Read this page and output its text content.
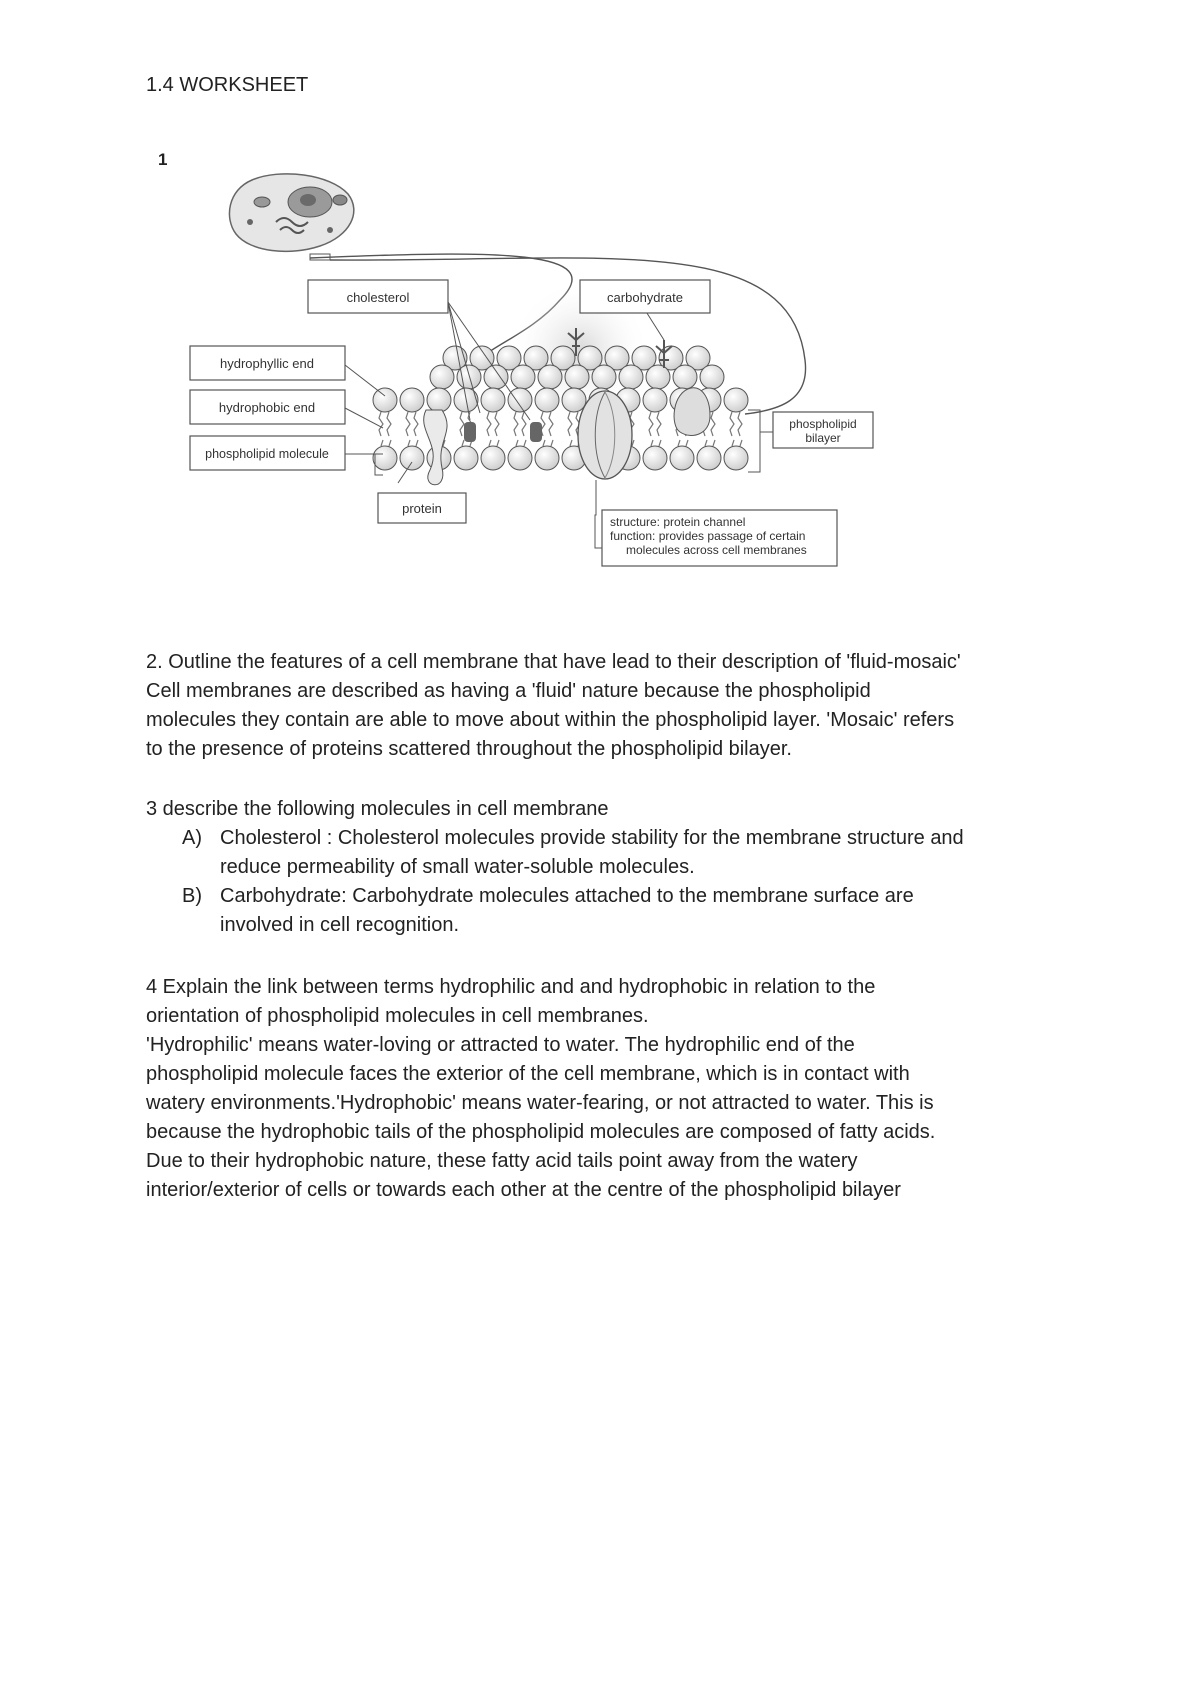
1.4 WORKSHEET
1
cholesterol	carbohydrate
hydrophyllic end
hydrophobic end
phospholipid molecule
phospholipid
bilayer
protein
structure: protein channel
function: provides passage of certain
molecules across cell membranes

2. Outline the features of a cell membrane that have lead to their description of 'fluid-mosaic'

Cell membranes are described as having a 'fluid' nature because the phospholipid

molecules they contain are able to move about within the phospholipid layer. 'Mosaic' refers

to the presence of proteins scattered throughout the phospholipid bilayer.

3 describe the following molecules in cell membrane

A) Cholesterol : Cholesterol molecules provide stability for the membrane structure and

reduce permeability of small water-soluble molecules.

B) Carbohydrate: Carbohydrate molecules attached to the membrane surface are

involved in cell recognition.

4 Explain the link between terms hydrophilic and and hydrophobic in relation to the

orientation of phospholipid molecules in cell membranes.

'Hydrophilic' means water-loving or attracted to water. The hydrophilic end of the

phospholipid molecule faces the exterior of the cell membrane, which is in contact with

watery environments.'Hydrophobic' means water-fearing, or not attracted to water. This is

because the hydrophobic tails of the phospholipid molecules are composed of fatty acids.

Due to their hydrophobic nature, these fatty acid tails point away from the watery

interior/exterior of cells or towards each other at the centre of the phospholipid bilayer
